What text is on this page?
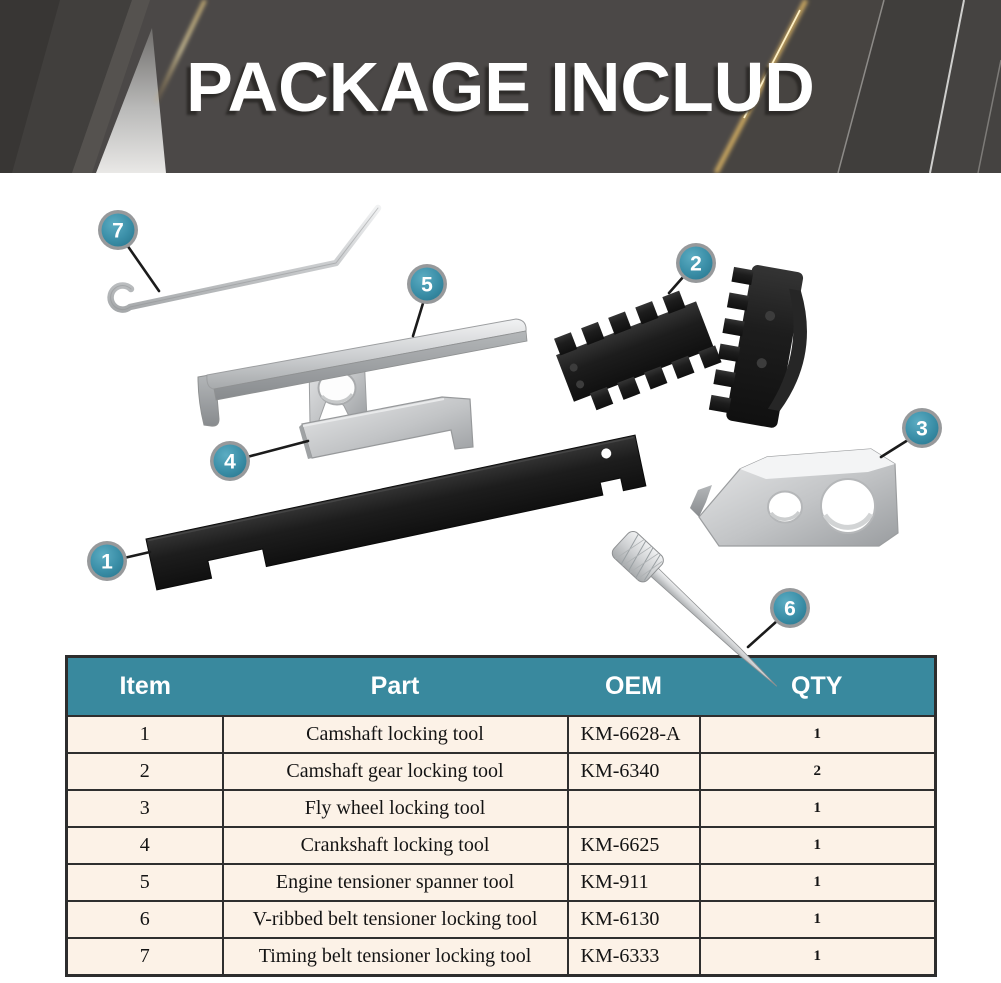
PACKAGE INCLUD
1
2
3
4
5
6
7
Item	Part	OEM	QTY
1	Camshaft locking tool	KM-6628-A	1
2	Camshaft gear locking tool	KM-6340	2
3	Fly wheel locking tool		1
4	Crankshaft locking tool	KM-6625	1
5	Engine tensioner spanner tool	KM-911	1
6	V-ribbed belt tensioner locking tool	KM-6130	1
7	Timing belt tensioner locking tool	KM-6333	1
